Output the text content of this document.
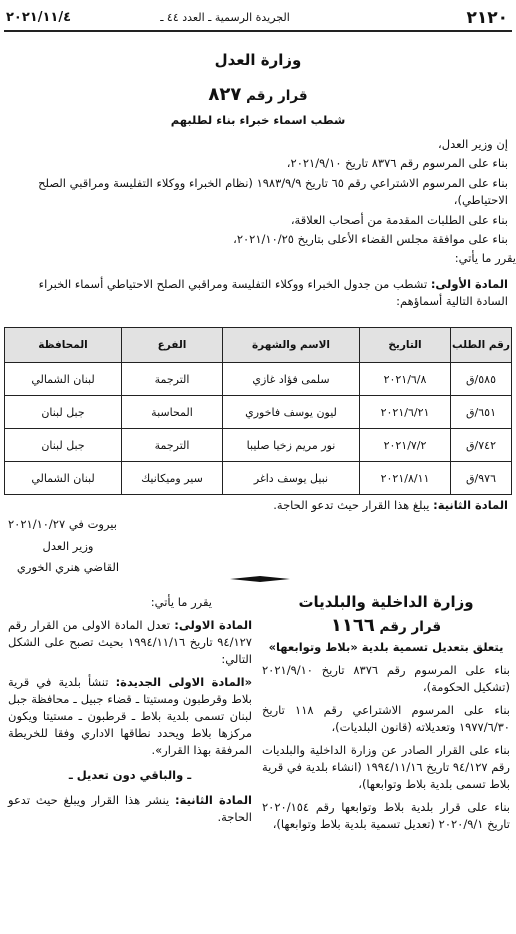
٢١٢٠
الجريدة الرسمية ـ العدد ٤٤ ـ
٢٠٢١/١١/٤
وزارة العدل
قرار رقم ٨٢٧
شطب اسماء خبراء بناء لطلبهم
إن وزير العدل،
بناء على المرسوم رقم ٨٣٧٦ تاريخ ٢٠٢١/٩/١٠،
بناء على المرسوم الاشتراعي رقم ٦٥ تاريخ ١٩٨٣/٩/٩ (نظام الخبراء ووكلاء التفليسة ومراقبي الصلح الاحتياطي)،
بناء على الطلبات المقدمة من أصحاب العلاقة،
بناء على موافقة مجلس القضاء الأعلى بتاريخ ٢٠٢١/١٠/٢٥،
يقرر ما يأتي:
المادة الأولى: تشطب من جدول الخبراء ووكلاء التفليسة ومراقبي الصلح الاحتياطي أسماء الخبراء السادة التالية أسماؤهم:
رقم الطلب	التاريخ	الاسم والشهرة	الفرع	المحافظة
٥٨٥/ق	٢٠٢١/٦/٨	سلمى فؤاد غازي	الترجمة	لبنان الشمالي
٦٥١/ق	٢٠٢١/٦/٢١	ليون يوسف فاخوري	المحاسبة	جبل لبنان
٧٤٢/ق	٢٠٢١/٧/٢	نور مريم زخيا صليبا	الترجمة	جبل لبنان
٩٧٦/ق	٢٠٢١/٨/١١	نبيل يوسف داغر	سير وميكانيك	لبنان الشمالي
المادة الثانية: يبلغ هذا القرار حيث تدعو الحاجة.
بيروت في ٢٠٢١/١٠/٢٧
وزير العدل
القاضي هنري الخوري
وزارة الداخلية والبلديات
قرار رقم ١١٦٦
يتعلق بتعديل تسمية بلدية «بلاط وتوابعها»
بناء على المرسوم رقم ٨٣٧٦ تاريخ ٢٠٢١/٩/١٠ (تشكيل الحكومة)،
بناء على المرسوم الاشتراعي رقم ١١٨ تاريخ ١٩٧٧/٦/٣٠ وتعديلاته (قانون البلديات)،
بناء على القرار الصادر عن وزارة الداخلية والبلديات رقم ٩٤/١٢٧ تاريخ ١٩٩٤/١١/١٦ (انشاء بلدية في قرية بلاط تسمى بلدية بلاط وتوابعها)،
بناء على قرار بلدية بلاط وتوابعها رقم ٢٠٢٠/١٥٤ تاريخ ٢٠٢٠/٩/١ (تعديل تسمية بلدية بلاط وتوابعها)،
يقرر ما يأتي:
المادة الاولى: تعدل المادة الاولى من القرار رقم ٩٤/١٢٧ تاريخ ١٩٩٤/١١/١٦ بحيث تصبح على الشكل التالي:
«المادة الاولى الجديدة: تنشأ بلدية في قرية بلاط وقرطبون ومستيتا ـ قضاء جبيل ـ محافظة جبل لبنان تسمى بلدية بلاط ـ قرطبون ـ مستيتا ويكون مركزها بلاط ويحدد نطاقها الاداري وفقا للخريطة المرفقة بهذا القرار».
ـ والباقي دون تعديل ـ
المادة الثانية: ينشر هذا القرار ويبلغ حيث تدعو الحاجة.
